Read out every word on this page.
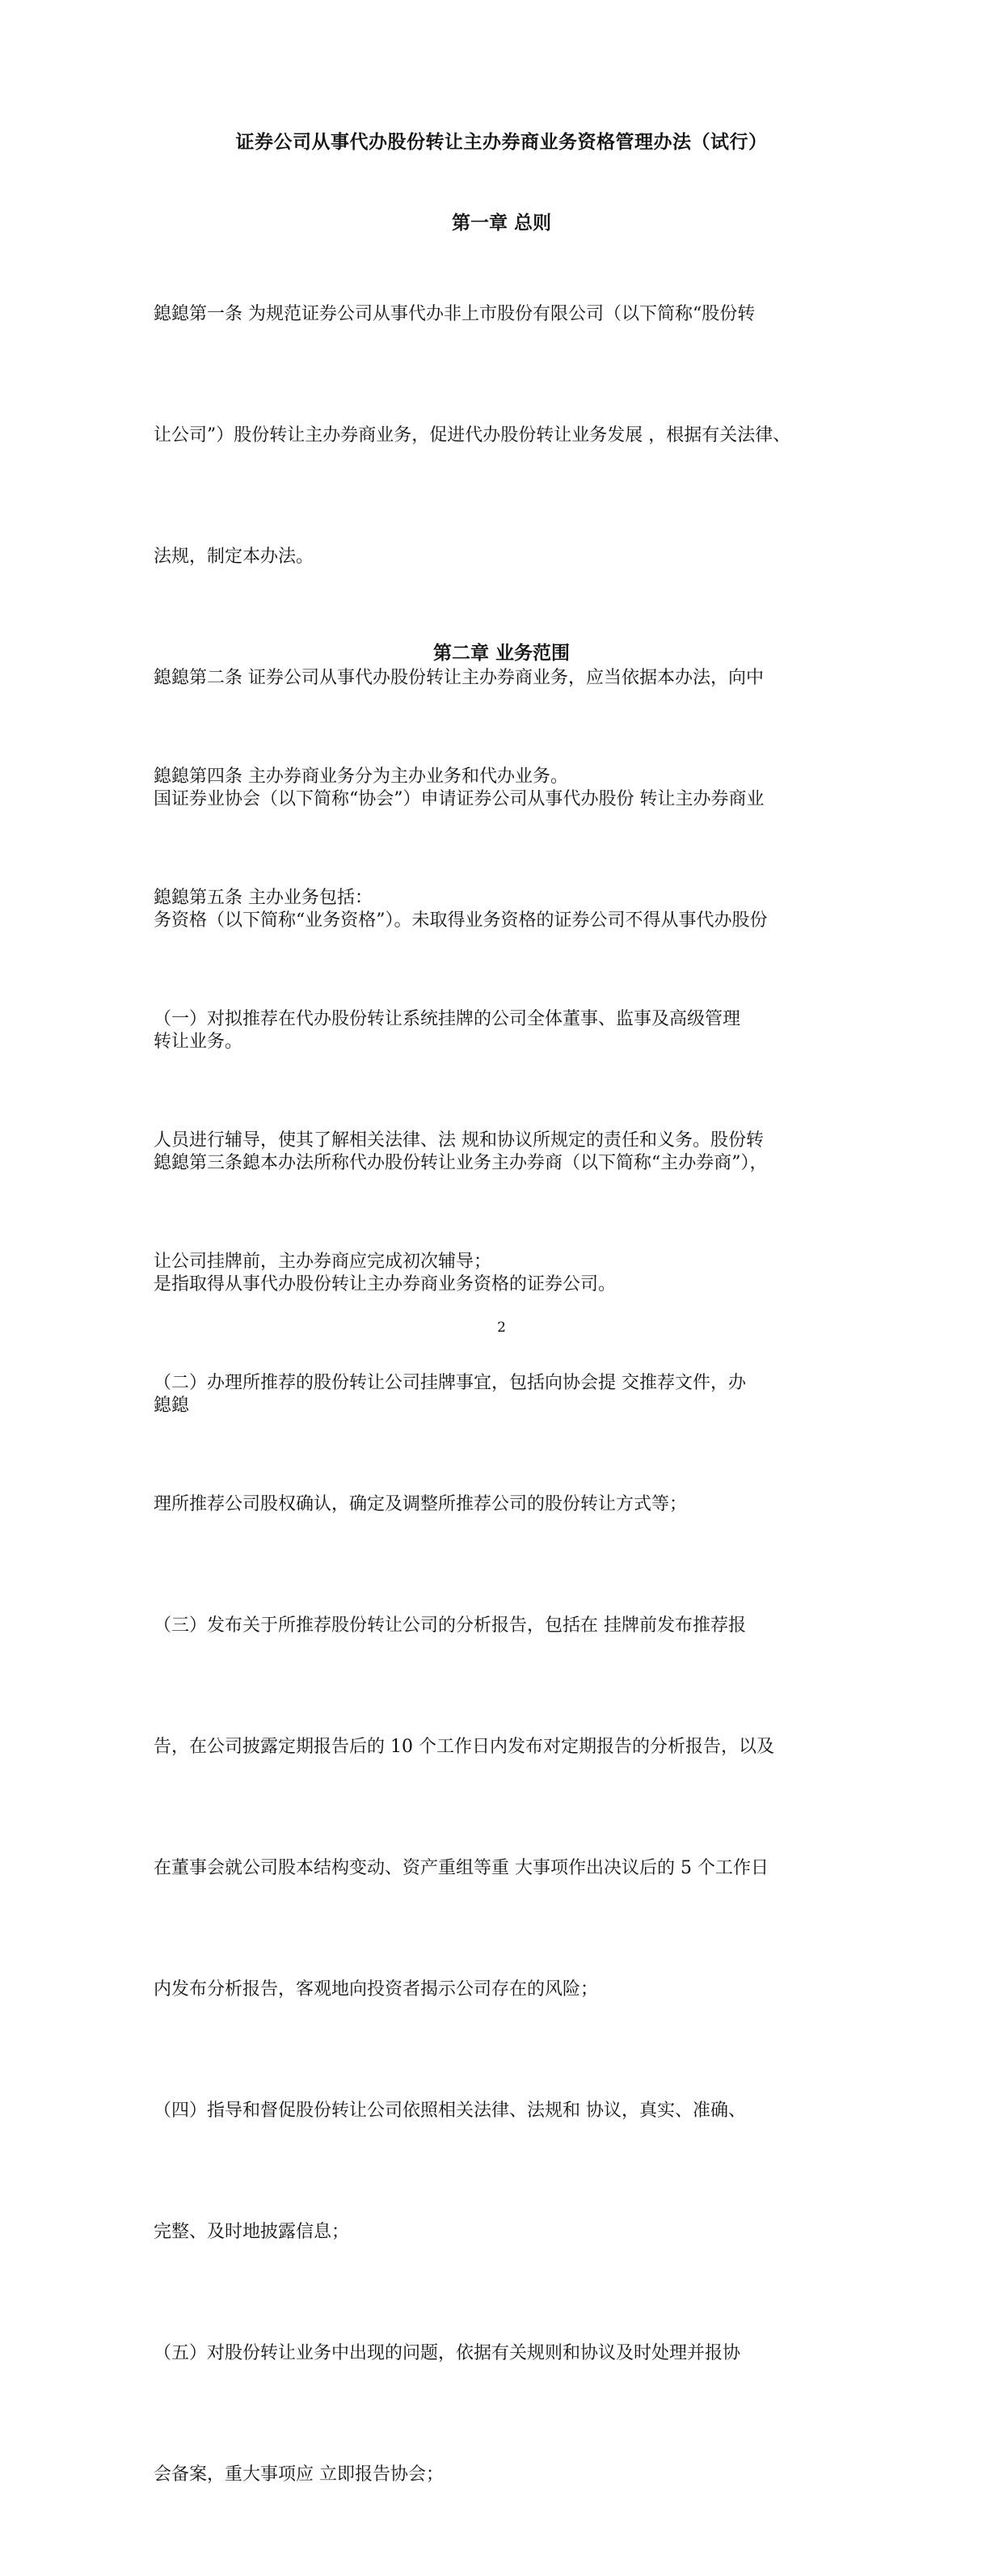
证券公司从事代办股份转让主办券商业务资格管理办法（试行）
第一章 总则

鎴鎴第一条 为规范证券公司从事代办非上市股份有限公司（以下简称“股份转

让公司”）股份转让主办券商业务，促进代办股份转让业务发展 ，根据有关法律、

法规，制定本办法。

鎴鎴第二条 证券公司从事代办股份转让主办券商业务，应当依据本办法，向中

国证券业协会（以下简称“协会”）申请证券公司从事代办股份 转让主办券商业

务资格（以下简称“业务资格”）。未取得业务资格的证券公司不得从事代办股份

转让业务。

鎴鎴第三条鎴本办法所称代办股份转让业务主办券商（以下简称“主办券商”），

是指取得从事代办股份转让主办券商业务资格的证券公司。

鎴鎴

第二章 业务范围

鎴鎴第四条 主办券商业务分为主办业务和代办业务。

鎴鎴第五条 主办业务包括：

（一）对拟推荐在代办股份转让系统挂牌的公司全体董事、监事及高级管理

人员进行辅导，使其了解相关法律、法 规和协议所规定的责任和义务。股份转

让公司挂牌前，主办券商应完成初次辅导；

（二）办理所推荐的股份转让公司挂牌事宜，包括向协会提 交推荐文件，办

理所推荐公司股权确认，确定及调整所推荐公司的股份转让方式等；

（三）发布关于所推荐股份转让公司的分析报告，包括在 挂牌前发布推荐报

告，在公司披露定期报告后的 10 个工作日内发布对定期报告的分析报告，以及

在董事会就公司股本结构变动、资产重组等重 大事项作出决议后的 5 个工作日

内发布分析报告，客观地向投资者揭示公司存在的风险；

（四）指导和督促股份转让公司依照相关法律、法规和 协议，真实、准确、

完整、及时地披露信息；

（五）对股份转让业务中出现的问题，依据有关规则和协议及时处理并报协

会备案，重大事项应 立即报告协会；

2
